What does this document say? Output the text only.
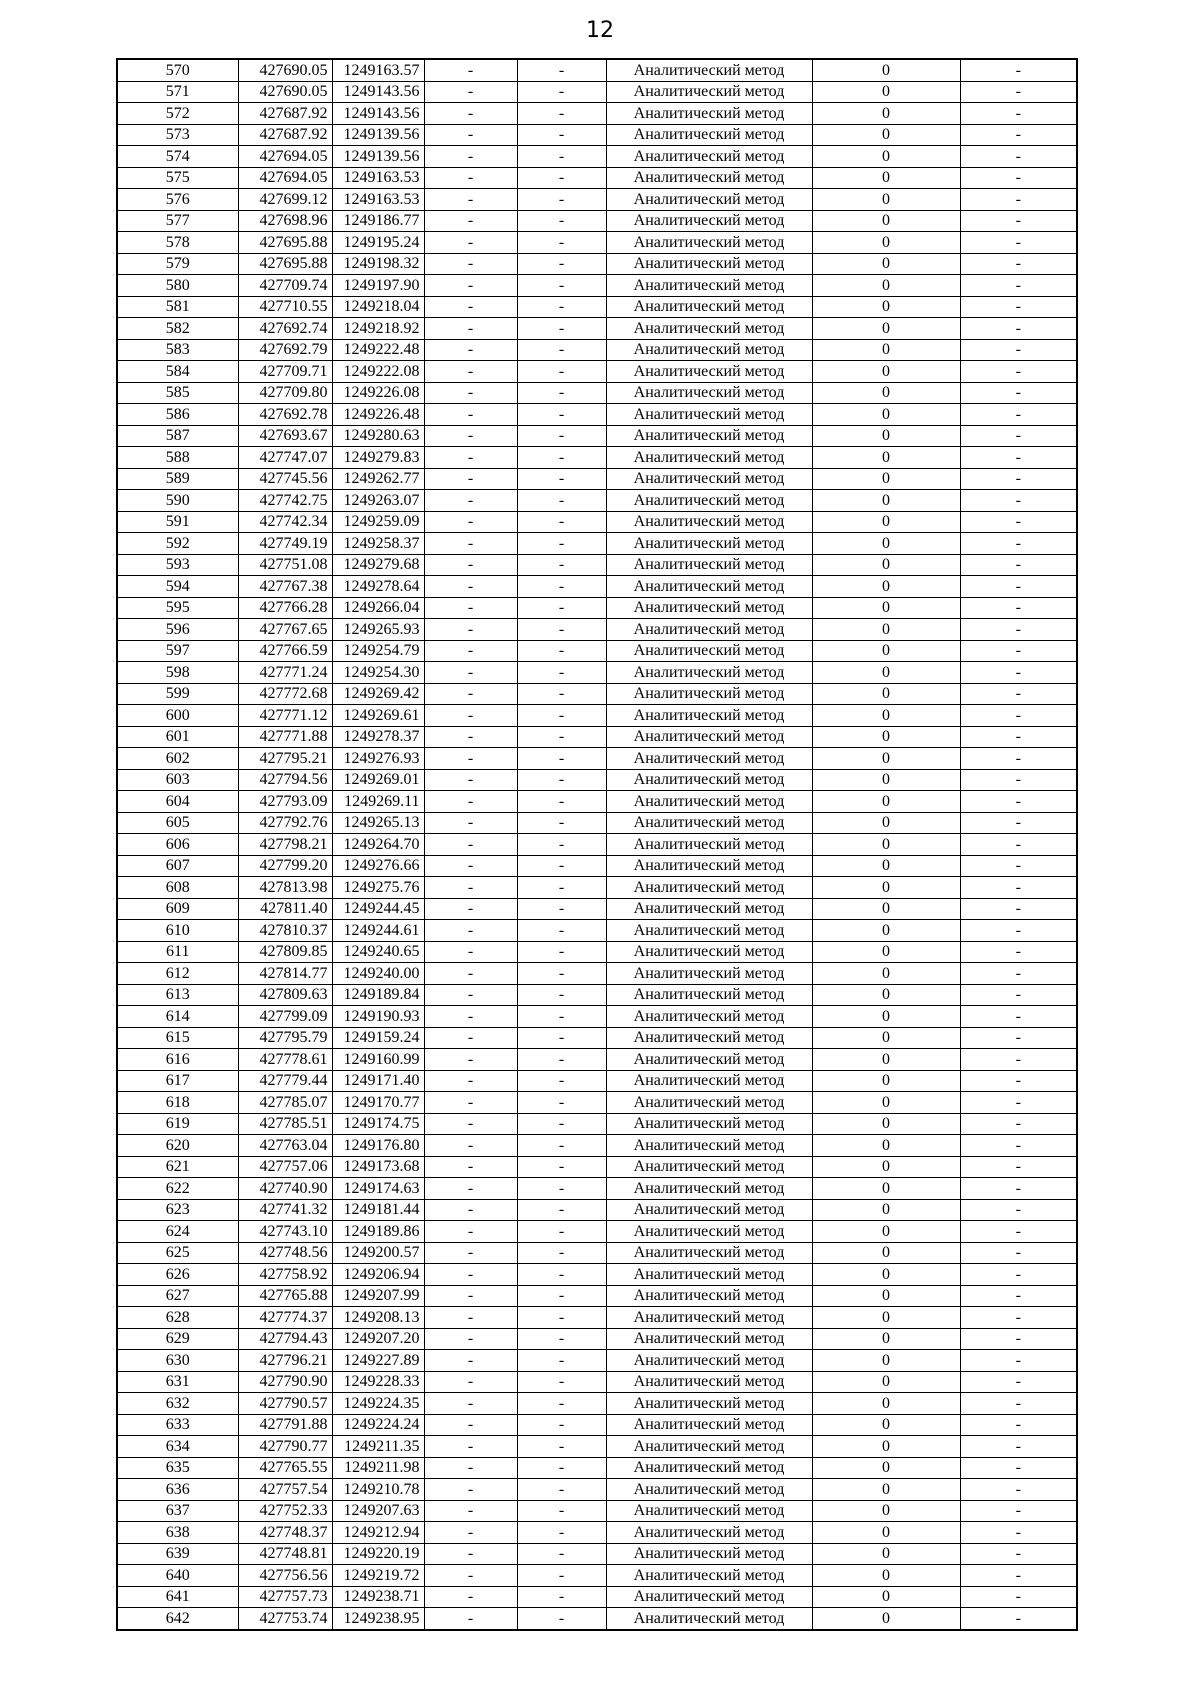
12
570	427690.05	1249163.57	-	-	Аналитический метод	0	-
571	427690.05	1249143.56	-	-	Аналитический метод	0	-
572	427687.92	1249143.56	-	-	Аналитический метод	0	-
573	427687.92	1249139.56	-	-	Аналитический метод	0	-
574	427694.05	1249139.56	-	-	Аналитический метод	0	-
575	427694.05	1249163.53	-	-	Аналитический метод	0	-
576	427699.12	1249163.53	-	-	Аналитический метод	0	-
577	427698.96	1249186.77	-	-	Аналитический метод	0	-
578	427695.88	1249195.24	-	-	Аналитический метод	0	-
579	427695.88	1249198.32	-	-	Аналитический метод	0	-
580	427709.74	1249197.90	-	-	Аналитический метод	0	-
581	427710.55	1249218.04	-	-	Аналитический метод	0	-
582	427692.74	1249218.92	-	-	Аналитический метод	0	-
583	427692.79	1249222.48	-	-	Аналитический метод	0	-
584	427709.71	1249222.08	-	-	Аналитический метод	0	-
585	427709.80	1249226.08	-	-	Аналитический метод	0	-
586	427692.78	1249226.48	-	-	Аналитический метод	0	-
587	427693.67	1249280.63	-	-	Аналитический метод	0	-
588	427747.07	1249279.83	-	-	Аналитический метод	0	-
589	427745.56	1249262.77	-	-	Аналитический метод	0	-
590	427742.75	1249263.07	-	-	Аналитический метод	0	-
591	427742.34	1249259.09	-	-	Аналитический метод	0	-
592	427749.19	1249258.37	-	-	Аналитический метод	0	-
593	427751.08	1249279.68	-	-	Аналитический метод	0	-
594	427767.38	1249278.64	-	-	Аналитический метод	0	-
595	427766.28	1249266.04	-	-	Аналитический метод	0	-
596	427767.65	1249265.93	-	-	Аналитический метод	0	-
597	427766.59	1249254.79	-	-	Аналитический метод	0	-
598	427771.24	1249254.30	-	-	Аналитический метод	0	-
599	427772.68	1249269.42	-	-	Аналитический метод	0	-
600	427771.12	1249269.61	-	-	Аналитический метод	0	-
601	427771.88	1249278.37	-	-	Аналитический метод	0	-
602	427795.21	1249276.93	-	-	Аналитический метод	0	-
603	427794.56	1249269.01	-	-	Аналитический метод	0	-
604	427793.09	1249269.11	-	-	Аналитический метод	0	-
605	427792.76	1249265.13	-	-	Аналитический метод	0	-
606	427798.21	1249264.70	-	-	Аналитический метод	0	-
607	427799.20	1249276.66	-	-	Аналитический метод	0	-
608	427813.98	1249275.76	-	-	Аналитический метод	0	-
609	427811.40	1249244.45	-	-	Аналитический метод	0	-
610	427810.37	1249244.61	-	-	Аналитический метод	0	-
611	427809.85	1249240.65	-	-	Аналитический метод	0	-
612	427814.77	1249240.00	-	-	Аналитический метод	0	-
613	427809.63	1249189.84	-	-	Аналитический метод	0	-
614	427799.09	1249190.93	-	-	Аналитический метод	0	-
615	427795.79	1249159.24	-	-	Аналитический метод	0	-
616	427778.61	1249160.99	-	-	Аналитический метод	0	-
617	427779.44	1249171.40	-	-	Аналитический метод	0	-
618	427785.07	1249170.77	-	-	Аналитический метод	0	-
619	427785.51	1249174.75	-	-	Аналитический метод	0	-
620	427763.04	1249176.80	-	-	Аналитический метод	0	-
621	427757.06	1249173.68	-	-	Аналитический метод	0	-
622	427740.90	1249174.63	-	-	Аналитический метод	0	-
623	427741.32	1249181.44	-	-	Аналитический метод	0	-
624	427743.10	1249189.86	-	-	Аналитический метод	0	-
625	427748.56	1249200.57	-	-	Аналитический метод	0	-
626	427758.92	1249206.94	-	-	Аналитический метод	0	-
627	427765.88	1249207.99	-	-	Аналитический метод	0	-
628	427774.37	1249208.13	-	-	Аналитический метод	0	-
629	427794.43	1249207.20	-	-	Аналитический метод	0	-
630	427796.21	1249227.89	-	-	Аналитический метод	0	-
631	427790.90	1249228.33	-	-	Аналитический метод	0	-
632	427790.57	1249224.35	-	-	Аналитический метод	0	-
633	427791.88	1249224.24	-	-	Аналитический метод	0	-
634	427790.77	1249211.35	-	-	Аналитический метод	0	-
635	427765.55	1249211.98	-	-	Аналитический метод	0	-
636	427757.54	1249210.78	-	-	Аналитический метод	0	-
637	427752.33	1249207.63	-	-	Аналитический метод	0	-
638	427748.37	1249212.94	-	-	Аналитический метод	0	-
639	427748.81	1249220.19	-	-	Аналитический метод	0	-
640	427756.56	1249219.72	-	-	Аналитический метод	0	-
641	427757.73	1249238.71	-	-	Аналитический метод	0	-
642	427753.74	1249238.95	-	-	Аналитический метод	0	-
